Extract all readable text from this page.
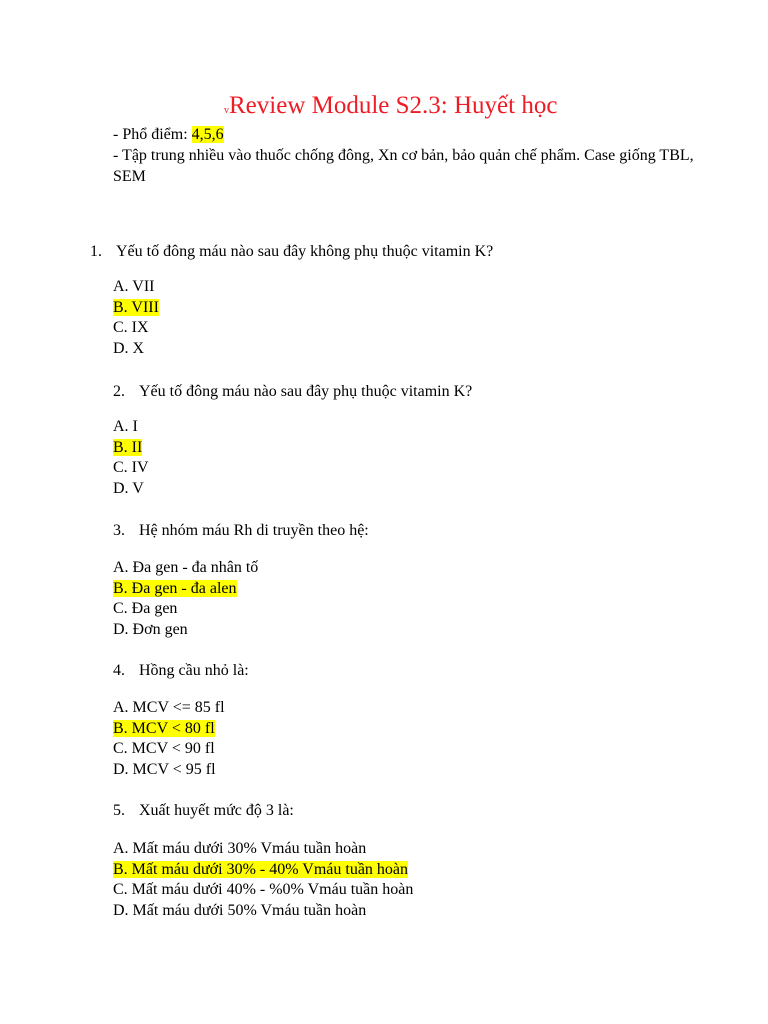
vReview Module S2.3: Huyết học

- Phổ điểm: 4,5,6

- Tập trung nhiều vào thuốc chống đông, Xn cơ bản, bảo quản chế phẩm. Case giống TBL, SEM

1. Yếu tố đông máu nào sau đây không phụ thuộc vitamin K?
A. VII
B. VIII
C. IX
D. X
2. Yếu tố đông máu nào sau đây phụ thuộc vitamin K?
A. I
B. II
C. IV
D. V
3. Hệ nhóm máu Rh di truyền theo hệ:
A. Đa gen - đa nhân tố
B. Đa gen - đa alen
C. Đa gen
D. Đơn gen
4. Hồng cầu nhỏ là:
A. MCV <= 85 fl
B. MCV < 80 fl
C. MCV < 90 fl
D. MCV < 95 fl
5. Xuất huyết mức độ 3 là:
A. Mất máu dưới 30% Vmáu tuần hoàn
B. Mất máu dưới 30% - 40% Vmáu tuần hoàn
C. Mất máu dưới 40% - %0% Vmáu tuần hoàn
D. Mất máu dưới 50% Vmáu tuần hoàn
